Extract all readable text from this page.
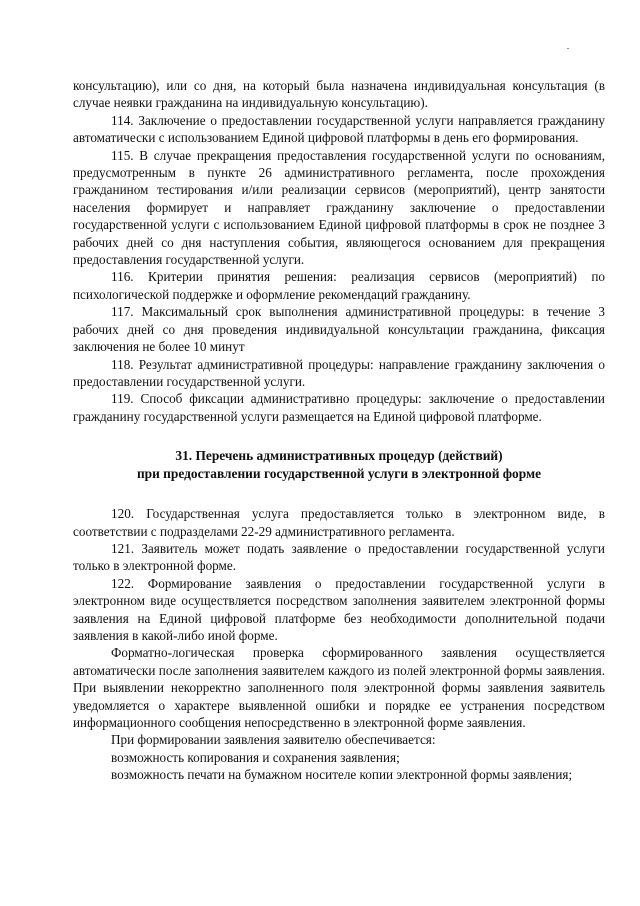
консультацию), или со дня, на который была назначена индивидуальная консультация (в случае неявки гражданина на индивидуальную консультацию).

114. Заключение о предоставлении государственной услуги направляется гражданину автоматически с использованием Единой цифровой платформы в день его формирования.

115. В случае прекращения предоставления государственной услуги по основаниям, предусмотренным в пункте 26 административного регламента, после прохождения гражданином тестирования и/или реализации сервисов (мероприятий), центр занятости населения формирует и направляет гражданину заключение о предоставлении государственной услуги с использованием Единой цифровой платформы в срок не позднее 3 рабочих дней со дня наступления события, являющегося основанием для прекращения предоставления государственной услуги.

116. Критерии принятия решения: реализация сервисов (мероприятий) по психологической поддержке и оформление рекомендаций гражданину.

117. Максимальный срок выполнения административной процедуры: в течение 3 рабочих дней со дня проведения индивидуальной консультации гражданина, фиксация заключения не более 10 минут

118. Результат административной процедуры: направление гражданину заключения о предоставлении государственной услуги.

119. Способ фиксации административно процедуры: заключение о предоставлении гражданину государственной услуги размещается на Единой цифровой платформе.

31. Перечень административных процедур (действий)
при предоставлении государственной услуги в электронной форме

120. Государственная услуга предоставляется только в электронном виде, в соответствии с подразделами 22-29 административного регламента.

121. Заявитель может подать заявление о предоставлении государственной услуги только в электронной форме.

122. Формирование заявления о предоставлении государственной услуги в электронном виде осуществляется посредством заполнения заявителем электронной формы заявления на Единой цифровой платформе без необходимости дополнительной подачи заявления в какой-либо иной форме.

Форматно-логическая проверка сформированного заявления осуществляется автоматически после заполнения заявителем каждого из полей электронной формы заявления. При выявлении некорректно заполненного поля электронной формы заявления заявитель уведомляется о характере выявленной ошибки и порядке ее устранения посредством информационного сообщения непосредственно в электронной форме заявления.

При формировании заявления заявителю обеспечивается:

возможность копирования и сохранения заявления;

возможность печати на бумажном носителе копии электронной формы заявления;
